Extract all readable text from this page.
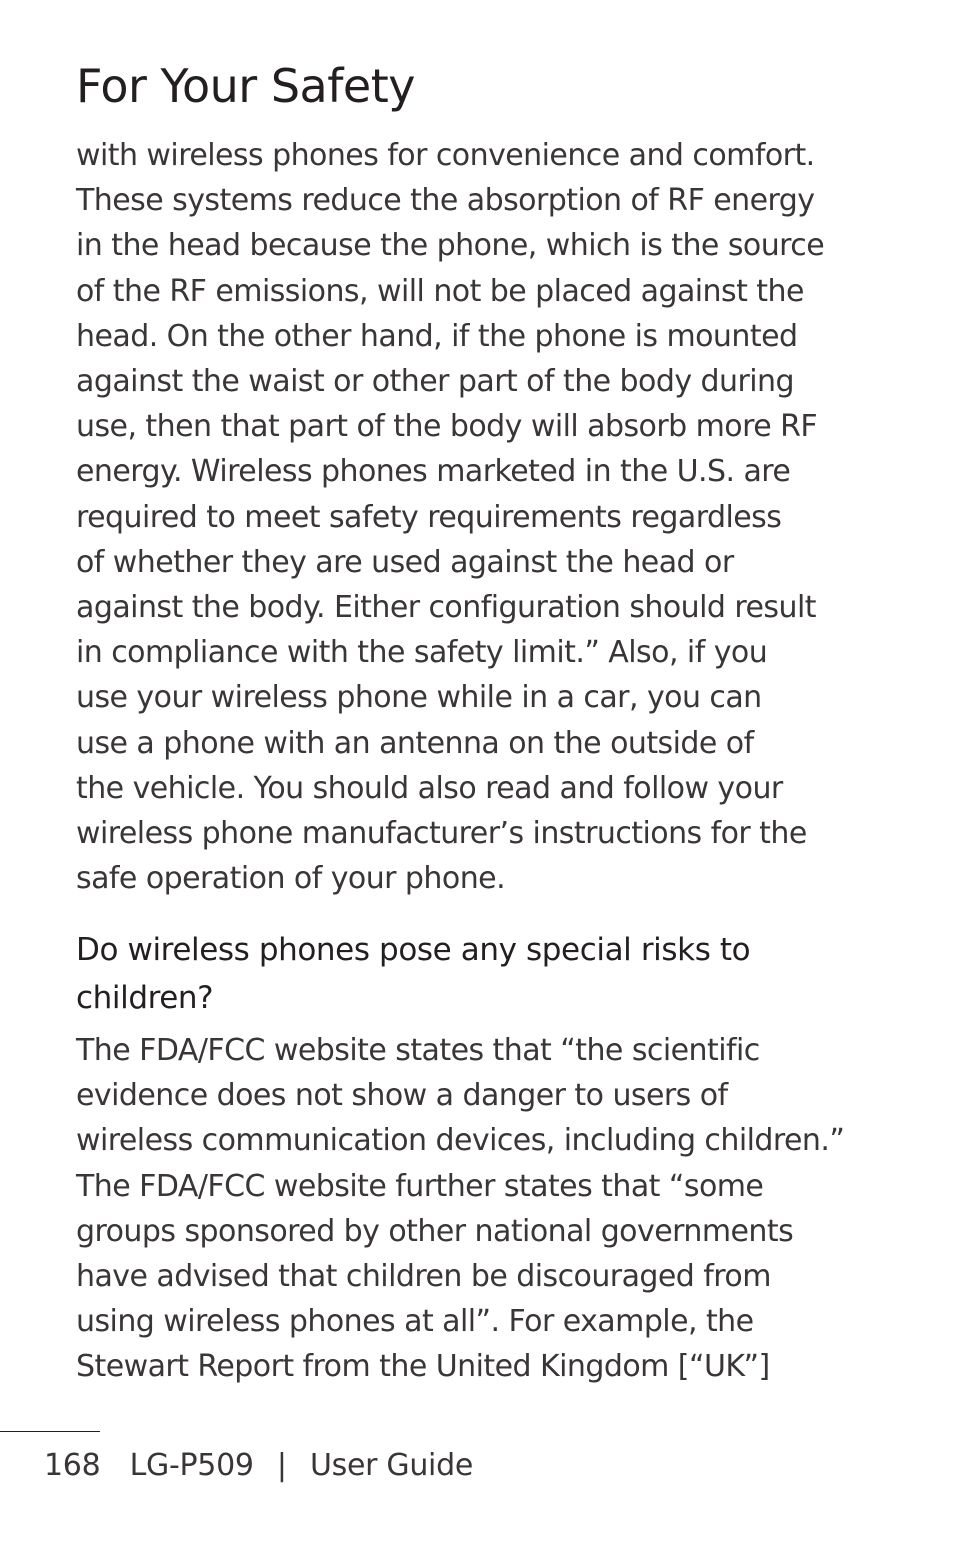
For Your Safety

with wireless phones for convenience and comfort.
These systems reduce the absorption of RF energy
in the head because the phone, which is the source
of the RF emissions, will not be placed against the
head. On the other hand, if the phone is mounted
against the waist or other part of the body during
use, then that part of the body will absorb more RF
energy. Wireless phones marketed in the U.S. are
required to meet safety requirements regardless
of whether they are used against the head or
against the body. Either configuration should result
in compliance with the safety limit.” Also, if you
use your wireless phone while in a car, you can
use a phone with an antenna on the outside of
the vehicle. You should also read and follow your
wireless phone manufacturer’s instructions for the
safe operation of your phone.

Do wireless phones pose any special risks to
children?

The FDA/FCC website states that “the scientific
evidence does not show a danger to users of
wireless communication devices, including children.”
The FDA/FCC website further states that “some
groups sponsored by other national governments
have advised that children be discouraged from
using wireless phones at all”. For example, the
Stewart Report from the United Kingdom [“UK”]

168 LG-P509 | User Guide
